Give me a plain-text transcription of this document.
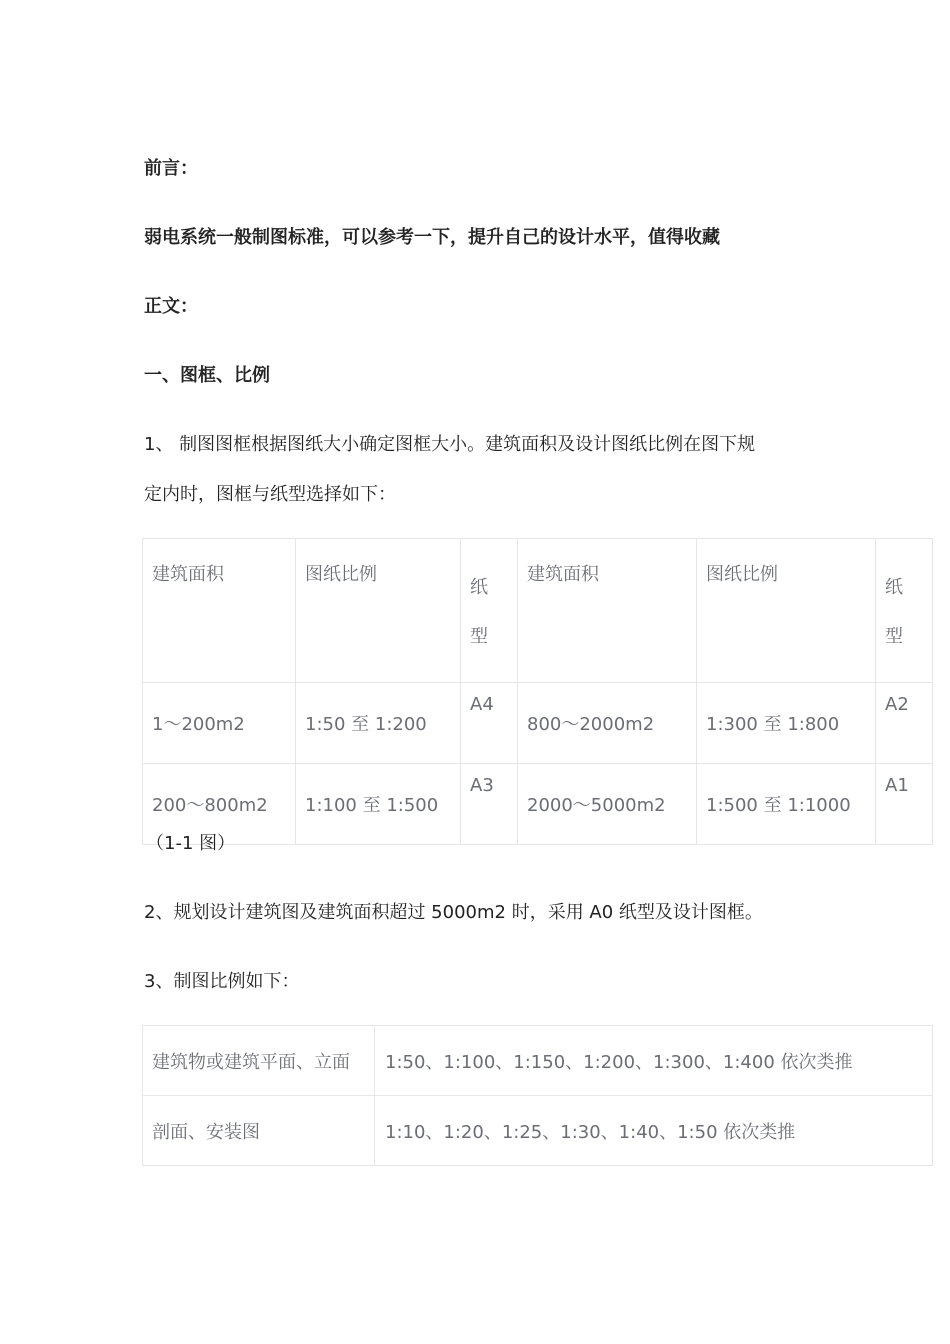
前言：

弱电系统一般制图标准，可以参考一下，提升自己的设计水平，值得收藏

正文：

一、图框、比例

1、 制图图框根据图纸大小确定图框大小。建筑面积及设计图纸比例在图下规

定内时，图框与纸型选择如下：

建筑面积	图纸比例	纸型	建筑面积	图纸比例	纸型

1～200m2	1:50 至 1:200	A4	800～2000m2	1:300 至 1:800	A2
200～800m2	1:100 至 1:500	A3	2000～5000m2	1:500 至 1:1000	A1

（1-1 图）

2、规划设计建筑图及建筑面积超过 5000m2 时，采用 A0 纸型及设计图框。

3、制图比例如下：

建筑物或建筑平面、立面	1:50、1:100、1:150、1:200、1:300、1:400 依次类推
剖面、安装图	1:10、1:20、1:25、1:30、1:40、1:50 依次类推
